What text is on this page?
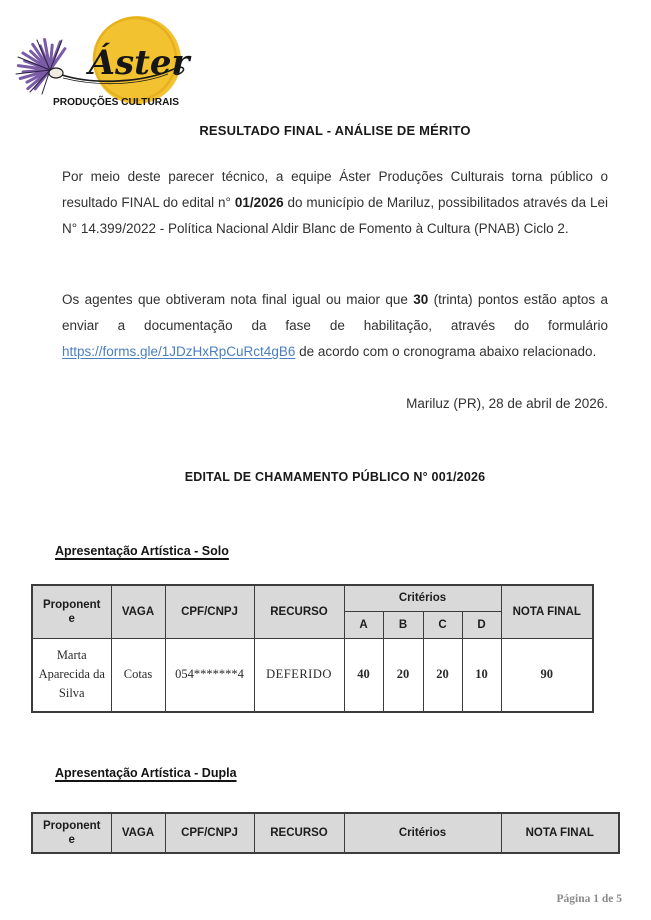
Áster
PRODUÇÕES CULTURAIS
RESULTADO FINAL - ANÁLISE DE MÉRITO

Por meio deste parecer técnico, a equipe Áster Produções Culturais torna público o resultado FINAL do edital n° 01/2026 do município de Mariluz, possibilitados através da Lei N° 14.399/2022 - Política Nacional Aldir Blanc de Fomento à Cultura (PNAB) Ciclo 2.

Os agentes que obtiveram nota final igual ou maior que 30 (trinta) pontos estão aptos a enviar a documentação da fase de habilitação, através do formulário https://forms.gle/1JDzHxRpCuRct4gB6 de acordo com o cronograma abaixo relacionado.

Mariluz (PR), 28 de abril de 2026.
EDITAL DE CHAMAMENTO PÚBLICO N° 001/2026
Apresentação Artística - Solo
Proponent
e	VAGA	CPF/CNPJ	RECURSO	Critérios				NOTA FINAL
				A	B	C	D	
Marta Aparecida da Silva	Cotas	054*******4	DEFERIDO	40	20	20	10	90
Apresentação Artística - Dupla
Proponent
e	VAGA	CPF/CNPJ	RECURSO	Critérios	NOTA FINAL
Página 1 de 5
